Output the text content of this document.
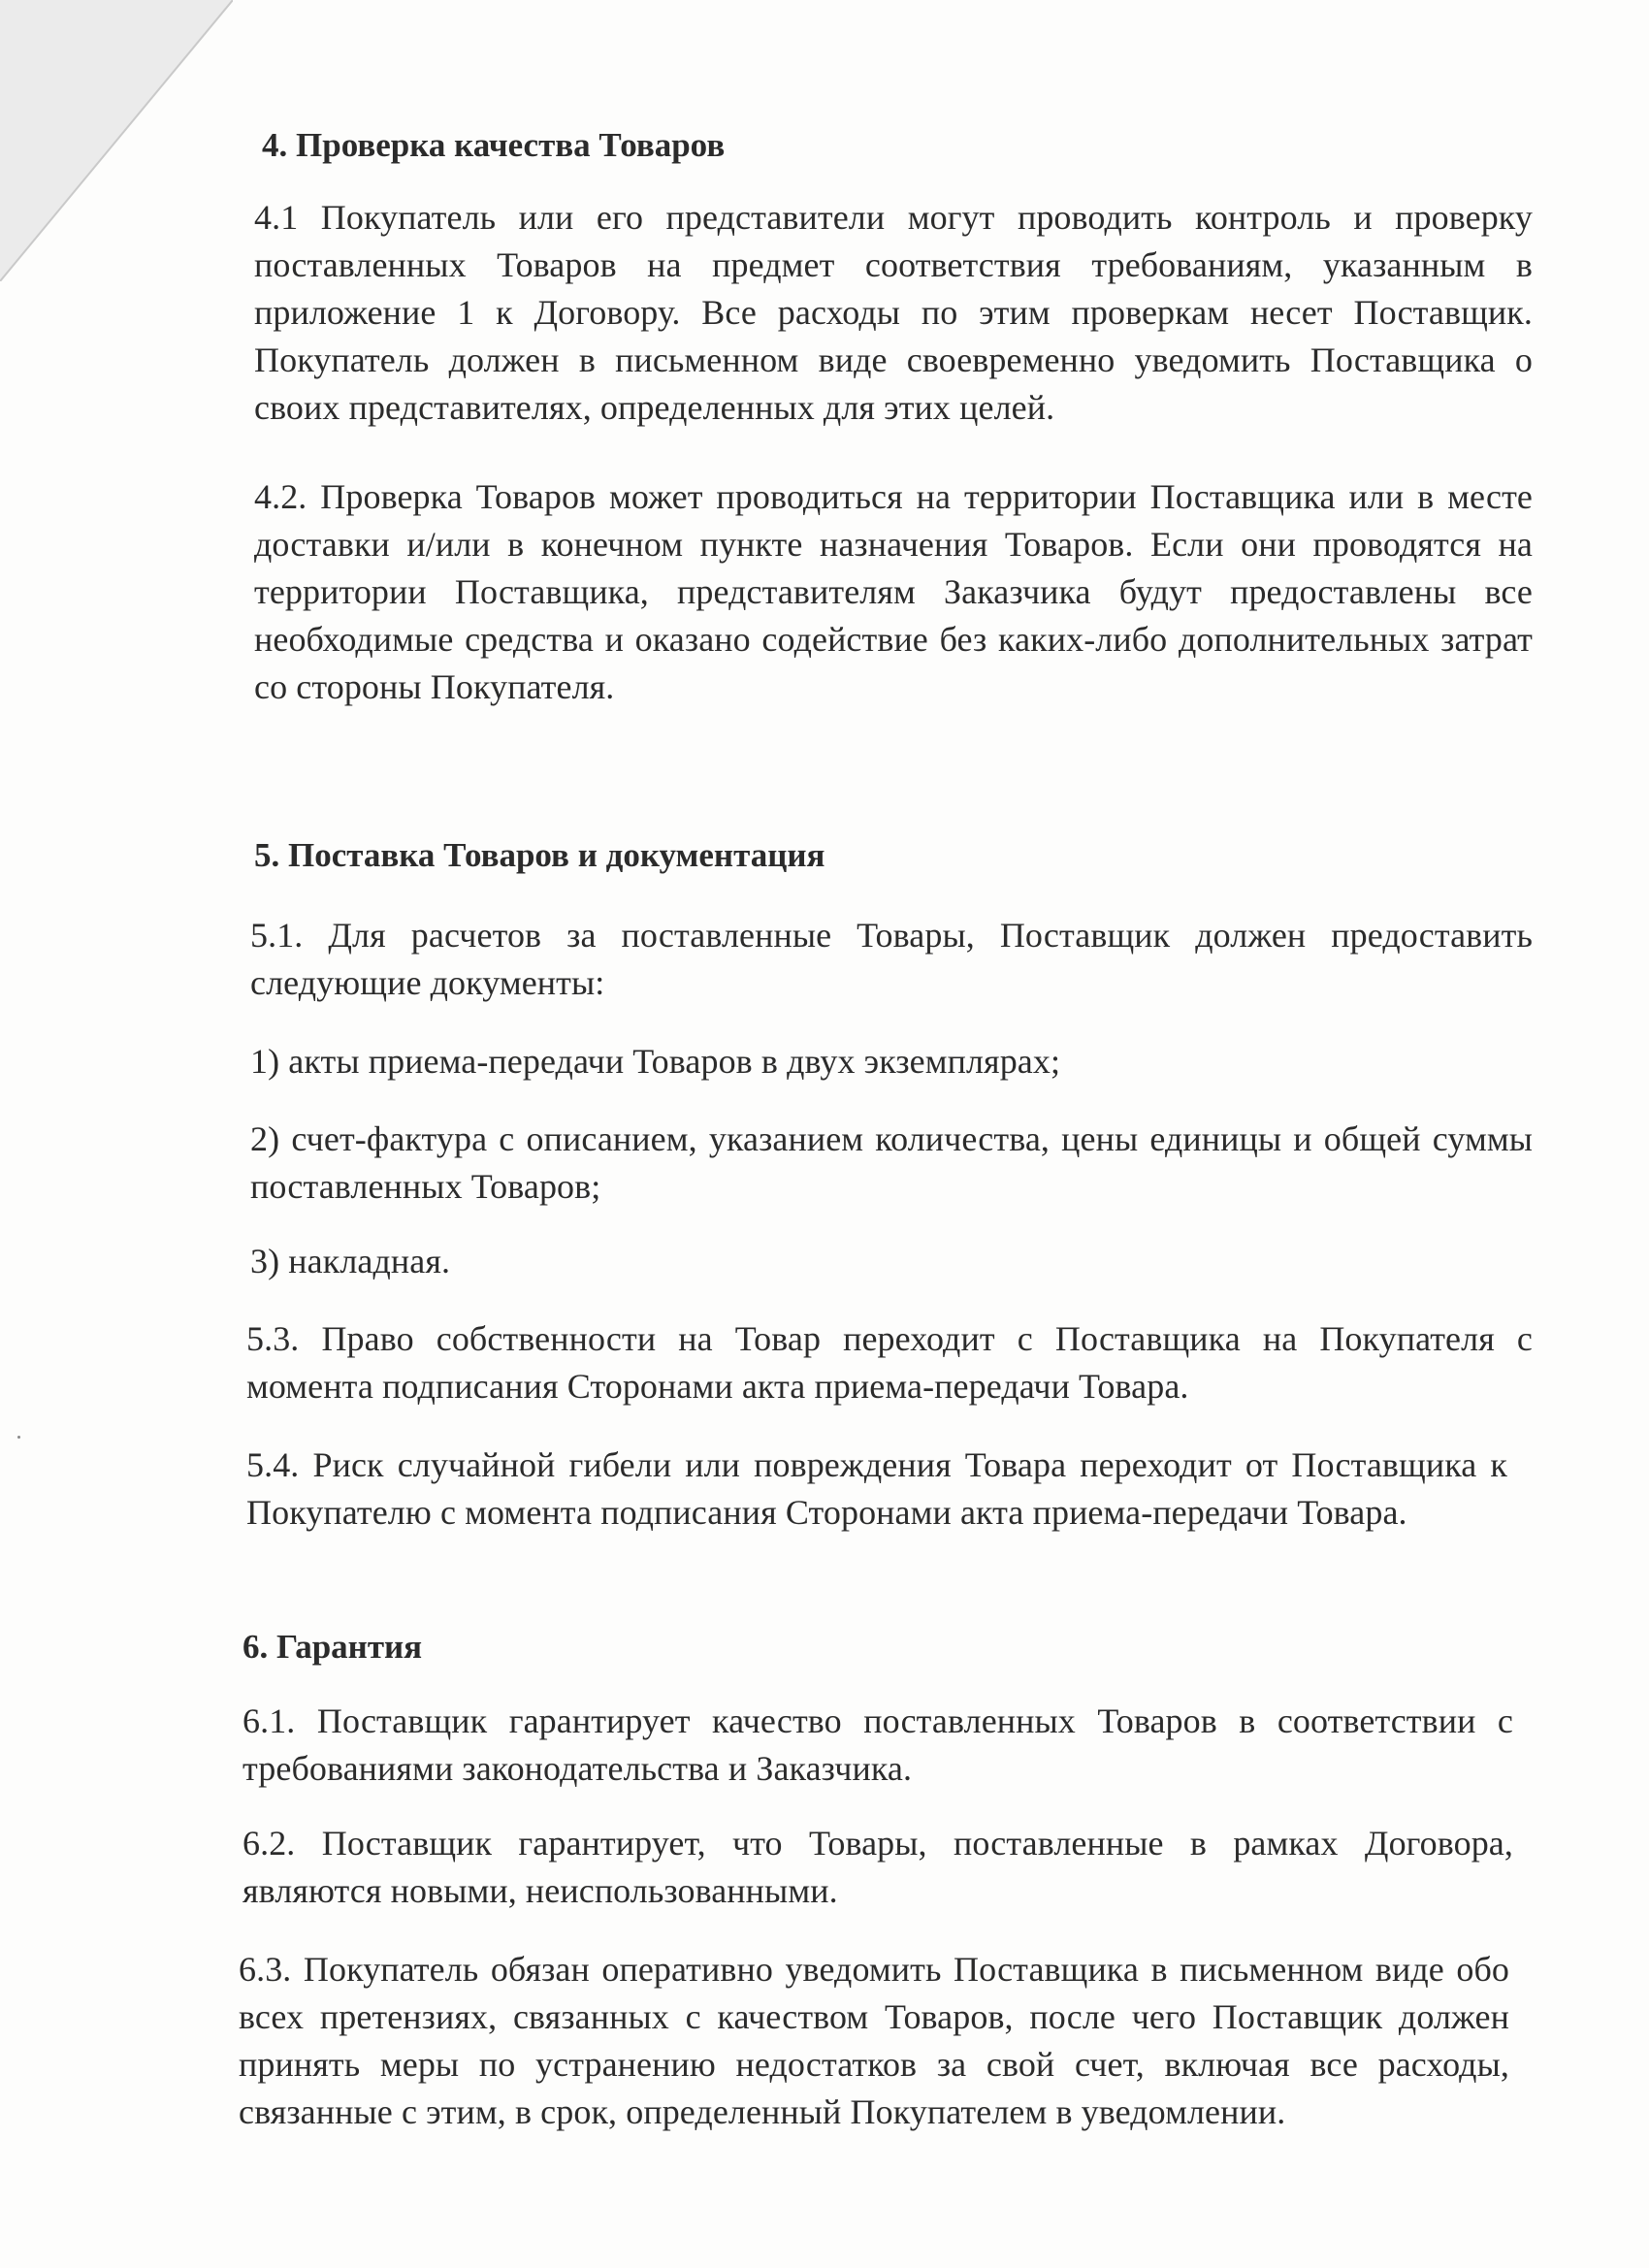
4. Проверка качества Товаров

4.1 Покупатель или его представители могут проводить контроль и проверку поставленных Товаров на предмет соответствия требованиям, указанным в приложение 1 к Договору. Все расходы по этим проверкам несет Поставщик. Покупатель должен в письменном виде своевременно уведомить Поставщика о своих представителях, определенных для этих целей.

4.2. Проверка Товаров может проводиться на территории Поставщика или в месте доставки и/или в конечном пункте назначения Товаров. Если они проводятся на территории Поставщика, представителям Заказчика будут предоставлены все необходимые средства и оказано содействие без каких-либо дополнительных затрат со стороны Покупателя.

5. Поставка Товаров и документация

5.1. Для расчетов за поставленные Товары, Поставщик должен предоставить следующие документы:

1) акты приема-передачи Товаров в двух экземплярах;

2) счет-фактура с описанием, указанием количества, цены единицы и общей суммы поставленных Товаров;

3) накладная.

5.3. Право собственности на Товар переходит с Поставщика на Покупателя с момента подписания Сторонами акта приема-передачи Товара.

5.4. Риск случайной гибели или повреждения Товара переходит от Поставщика к Покупателю с момента подписания Сторонами акта приема-передачи Товара.

6. Гарантия

6.1. Поставщик гарантирует качество поставленных Товаров в соответствии с требованиями законодательства и Заказчика.

6.2. Поставщик гарантирует, что Товары, поставленные в рамках Договора, являются новыми, неиспользованными.

6.3. Покупатель обязан оперативно уведомить Поставщика в письменном виде обо всех претензиях, связанных с качеством Товаров, после чего Поставщик должен принять меры по устранению недостатков за свой счет, включая все расходы, связанные с этим, в срок, определенный Покупателем в уведомлении.
